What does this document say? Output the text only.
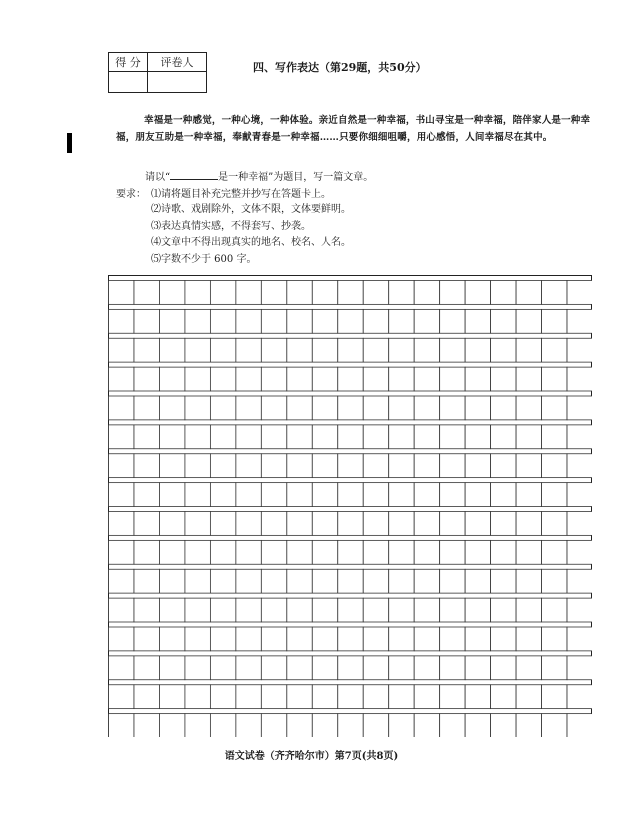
得 分	评卷人
		四、写作表达（第29题，共50分）
幸福是一种感觉，一种心境，一种体验。亲近自然是一种幸福，书山寻宝是一种幸福，陪伴家人是一种幸福，朋友互助是一种幸福，奉献青春是一种幸福……只要你细细咀嚼，用心感悟，人间幸福尽在其中。
请以“	是一种幸福”为题目，写一篇文章。
要求： ⑴请将题目补充完整并抄写在答题卡上。
⑵诗歌、戏剧除外，文体不限，文体要鲜明。
⑶表达真情实感，不得套写、抄袭。
⑷文章中不得出现真实的地名、校名、人名。
⑸字数不少于 600 字。
语文试卷（齐齐哈尔市）第7页(共8页)
